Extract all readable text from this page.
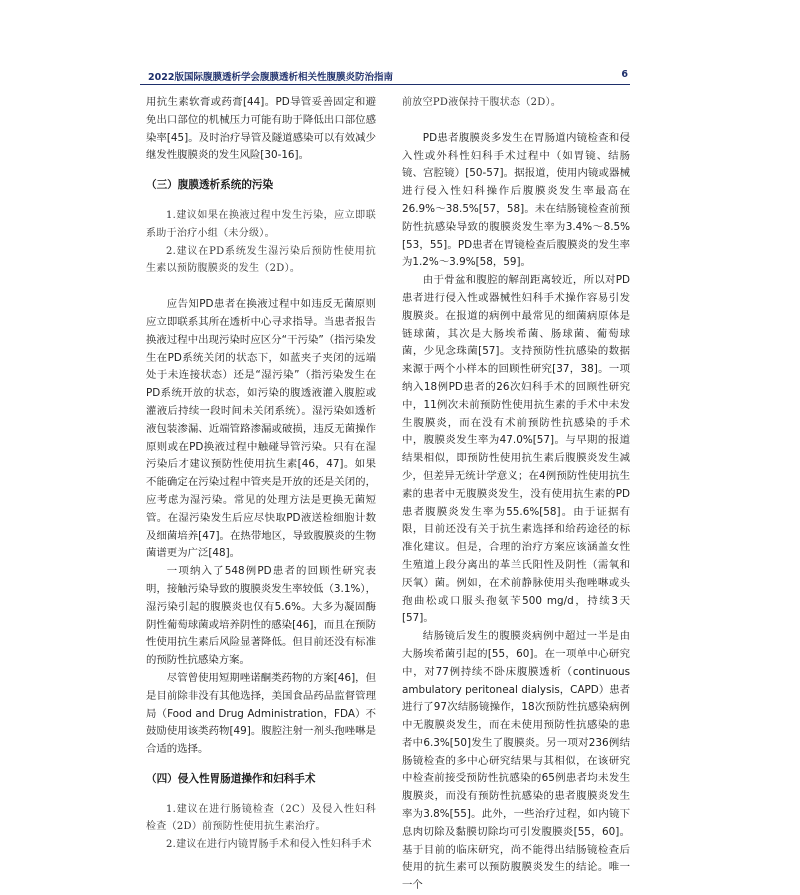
2022版国际腹膜透析学会腹膜透析相关性腹膜炎防治指南	6

用抗生素软膏或药膏[44]。PD导管妥善固定和避免出口部位的机械压力可能有助于降低出口部位感染率[45]。及时治疗导管及隧道感染可以有效减少继发性腹膜炎的发生风险[30-16]。

（三）腹膜透析系统的污染

1.建议如果在换液过程中发生污染，应立即联系助于治疗小组（未分级）。

2.建议在PD系统发生湿污染后预防性使用抗生素以预防腹膜炎的发生（2D）。

应告知PD患者在换液过程中如违反无菌原则应立即联系其所在透析中心寻求指导。当患者报告换液过程中出现污染时应区分“干污染”（指污染发生在PD系统关闭的状态下，如蓝夹子夹闭的远端处于未连接状态）还是“湿污染”（指污染发生在PD系统开放的状态，如污染的腹透液灌入腹腔或灌液后持续一段时间未关闭系统）。湿污染如透析液包装渗漏、近端管路渗漏或破损，违反无菌操作原则或在PD换液过程中触碰导管污染。只有在湿污染后才建议预防性使用抗生素[46，47]。如果不能确定在污染过程中管夹是开放的还是关闭的，应考虑为湿污染。常见的处理方法是更换无菌短管。在湿污染发生后应尽快取PD液送检细胞计数及细菌培养[47]。在热带地区，导致腹膜炎的生物菌谱更为广泛[48]。

一项纳入了548例PD患者的回顾性研究表明，接触污染导致的腹膜炎发生率较低（3.1%），湿污染引起的腹膜炎也仅有5.6%。大多为凝固酶阴性葡萄球菌或培养阴性的感染[46]，而且在预防性使用抗生素后风险显著降低。但目前还没有标准的预防性抗感染方案。

尽管曾使用短期唑诺酮类药物的方案[46]，但是目前除非没有其他选择，美国食品药品监督管理局（Food and Drug Administration，FDA）不鼓励使用该类药物[49]。腹腔注射一剂头孢唑啉是合适的选择。

（四）侵入性胃肠道操作和妇科手术

1.建议在进行肠镜检查（2C）及侵入性妇科检查（2D）前预防性使用抗生素治疗。

2.建议在进行内镜胃肠手术和侵入性妇科手术

前放空PD液保持干腹状态（2D）。

PD患者腹膜炎多发生在胃肠道内镜检查和侵入性或外科性妇科手术过程中（如胃镜、结肠镜、宫腔镜）[50-57]。据报道，使用内镜或器械进行侵入性妇科操作后腹膜炎发生率最高在26.9%～38.5%[57，58]。未在结肠镜检查前预防性抗感染导致的腹膜炎发生率为3.4%～8.5%[53，55]。PD患者在胃镜检查后腹膜炎的发生率为1.2%～3.9%[58，59]。

由于骨盆和腹腔的解剖距离较近，所以对PD患者进行侵入性或器械性妇科手术操作容易引发腹膜炎。在报道的病例中最常见的细菌病原体是链球菌，其次是大肠埃希菌、肠球菌、葡萄球菌，少见念珠菌[57]。支持预防性抗感染的数据来源于两个小样本的回顾性研究[37，38]。一项纳入18例PD患者的26次妇科手术的回顾性研究中，11例次未前预防性使用抗生素的手术中未发生腹膜炎，而在没有术前预防性抗感染的手术中，腹膜炎发生率为47.0%[57]。与早期的报道结果相似，即预防性使用抗生素后腹膜炎发生减少，但差异无统计学意义；在4例预防性使用抗生素的患者中无腹膜炎发生，没有使用抗生素的PD患者腹膜炎发生率为55.6%[58]。由于证据有限，目前还没有关于抗生素选择和给药途径的标准化建议。但是，合理的治疗方案应该涵盖女性生殖道上段分离出的革兰氏阳性及阴性（需氧和厌氧）菌。例如，在术前静脉使用头孢唑啉或头孢曲松或口服头孢氨苄500 mg/d，持续3天[57]。

结肠镜后发生的腹膜炎病例中超过一半是由大肠埃希菌引起的[55，60]。在一项单中心研究中，对77例持续不卧床腹膜透析（continuous ambulatory peritoneal dialysis，CAPD）患者进行了97次结肠镜操作，18次预防性抗感染病例中无腹膜炎发生，而在未使用预防性抗感染的患者中6.3%[50]发生了腹膜炎。另一项对236例结肠镜检查的多中心研究结果与其相似，在该研究中检查前接受预防性抗感染的65例患者均未发生腹膜炎，而没有预防性抗感染的患者腹膜炎发生率为3.8%[55]。此外，一些治疗过程，如内镜下息肉切除及黏膜切除均可引发腹膜炎[55，60]。基于目前的临床研究，尚不能得出结肠镜检查后使用的抗生素可以预防腹膜炎发生的结论。唯一一个
